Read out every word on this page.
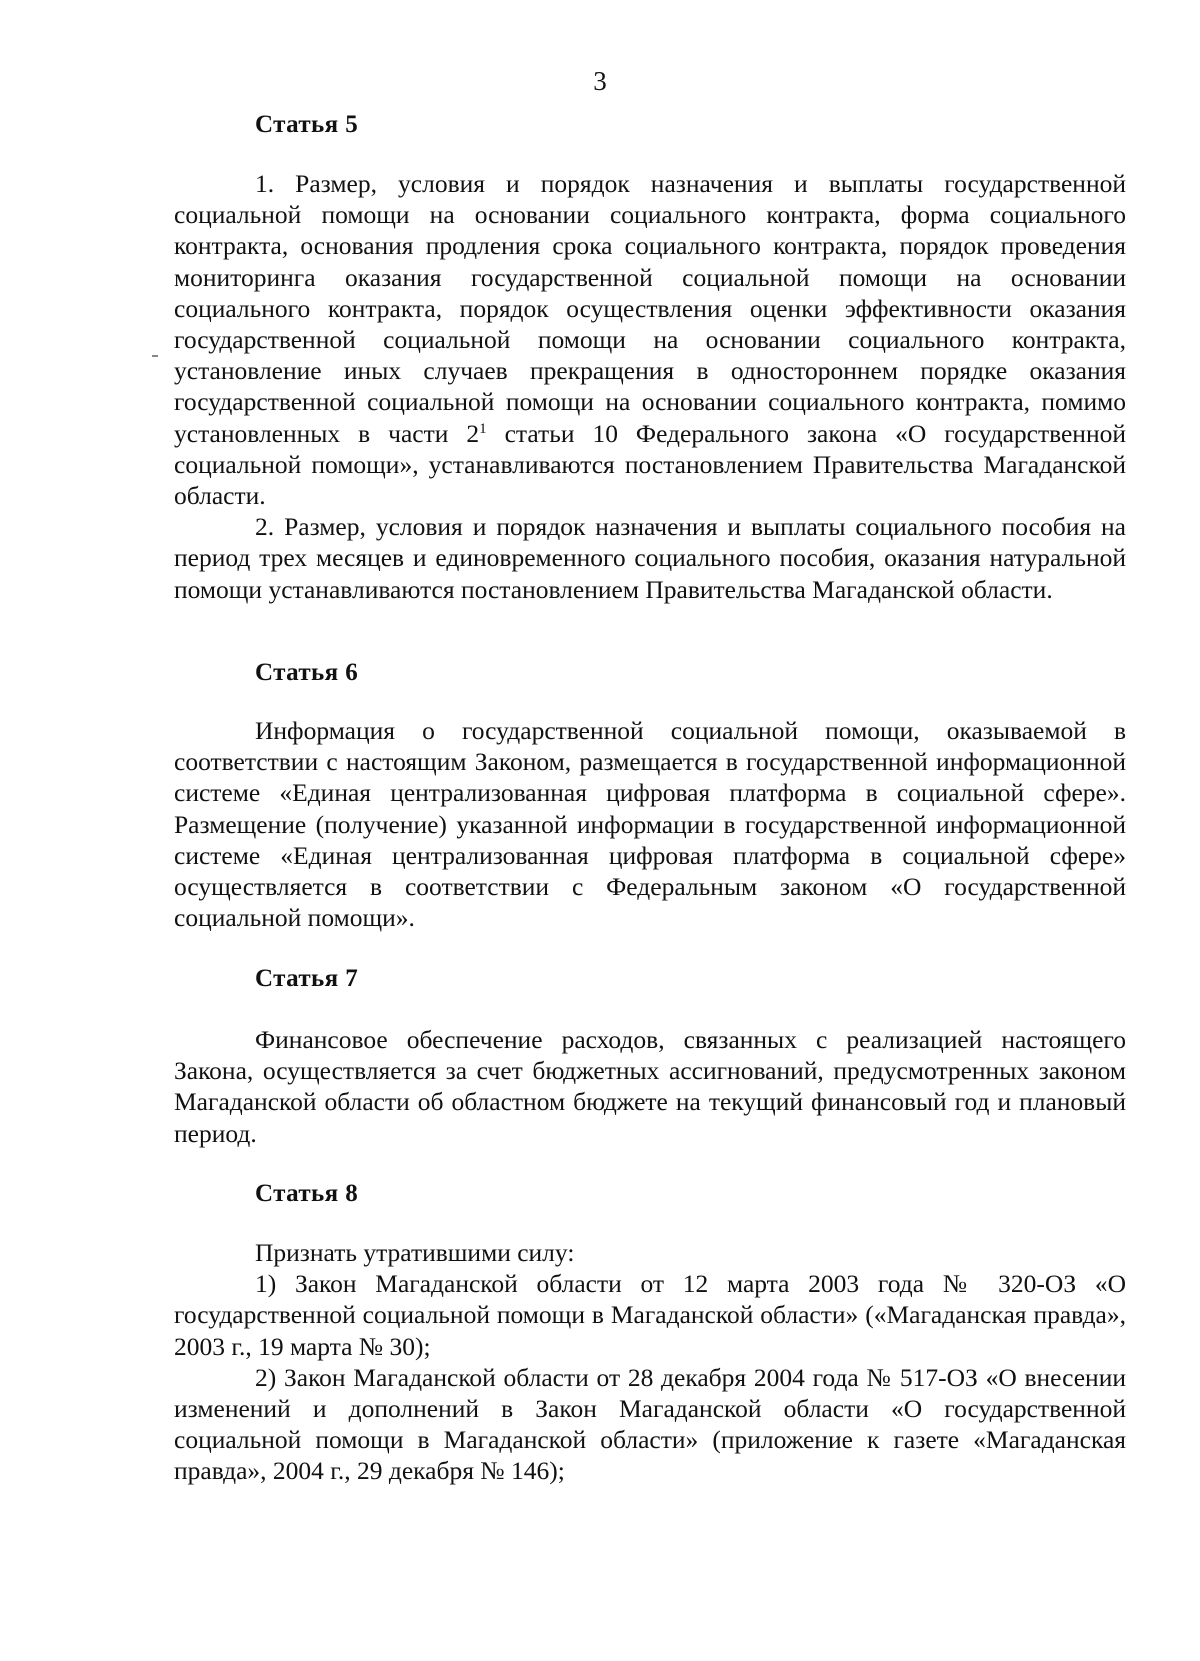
3
Статья 5

1. Размер, условия и порядок назначения и выплаты государственной социальной помощи на основании социального контракта, форма социального контракта, основания продления срока социального контракта, порядок проведения мониторинга оказания государственной социальной помощи на основании социального контракта, порядок осуществления оценки эффективности оказания государственной социальной помощи на основании социального контракта, установление иных случаев прекращения в одностороннем порядке оказания государственной социальной помощи на основании социального контракта, помимо установленных в части $2^1$ статьи 10 Федерального закона «О государственной социальной помощи», устанавливаются постановлением Правительства Магаданской области.

2. Размер, условия и порядок назначения и выплаты социального пособия на период трех месяцев и единовременного социального пособия, оказания натуральной помощи устанавливаются постановлением Правительства Магаданской области.

Статья 6

Информация о государственной социальной помощи, оказываемой в соответствии с настоящим Законом, размещается в государственной информационной системе «Единая централизованная цифровая платформа в социальной сфере». Размещение (получение) указанной информации в государственной информационной системе «Единая централизованная цифровая платформа в социальной сфере» осуществляется в соответствии с Федеральным законом «О государственной социальной помощи».

Статья 7

Финансовое обеспечение расходов, связанных с реализацией настоящего Закона, осуществляется за счет бюджетных ассигнований, предусмотренных законом Магаданской области об областном бюджете на текущий финансовый год и плановый период.

Статья 8

Признать утратившими силу:

1) Закон Магаданской области от 12 марта 2003 года № 320-ОЗ «О государственной социальной помощи в Магаданской области» («Магаданская правда», 2003 г., 19 марта № 30);

2) Закон Магаданской области от 28 декабря 2004 года № 517-ОЗ «О внесении изменений и дополнений в Закон Магаданской области «О государственной социальной помощи в Магаданской области» (приложение к газете «Магаданская правда», 2004 г., 29 декабря № 146);
